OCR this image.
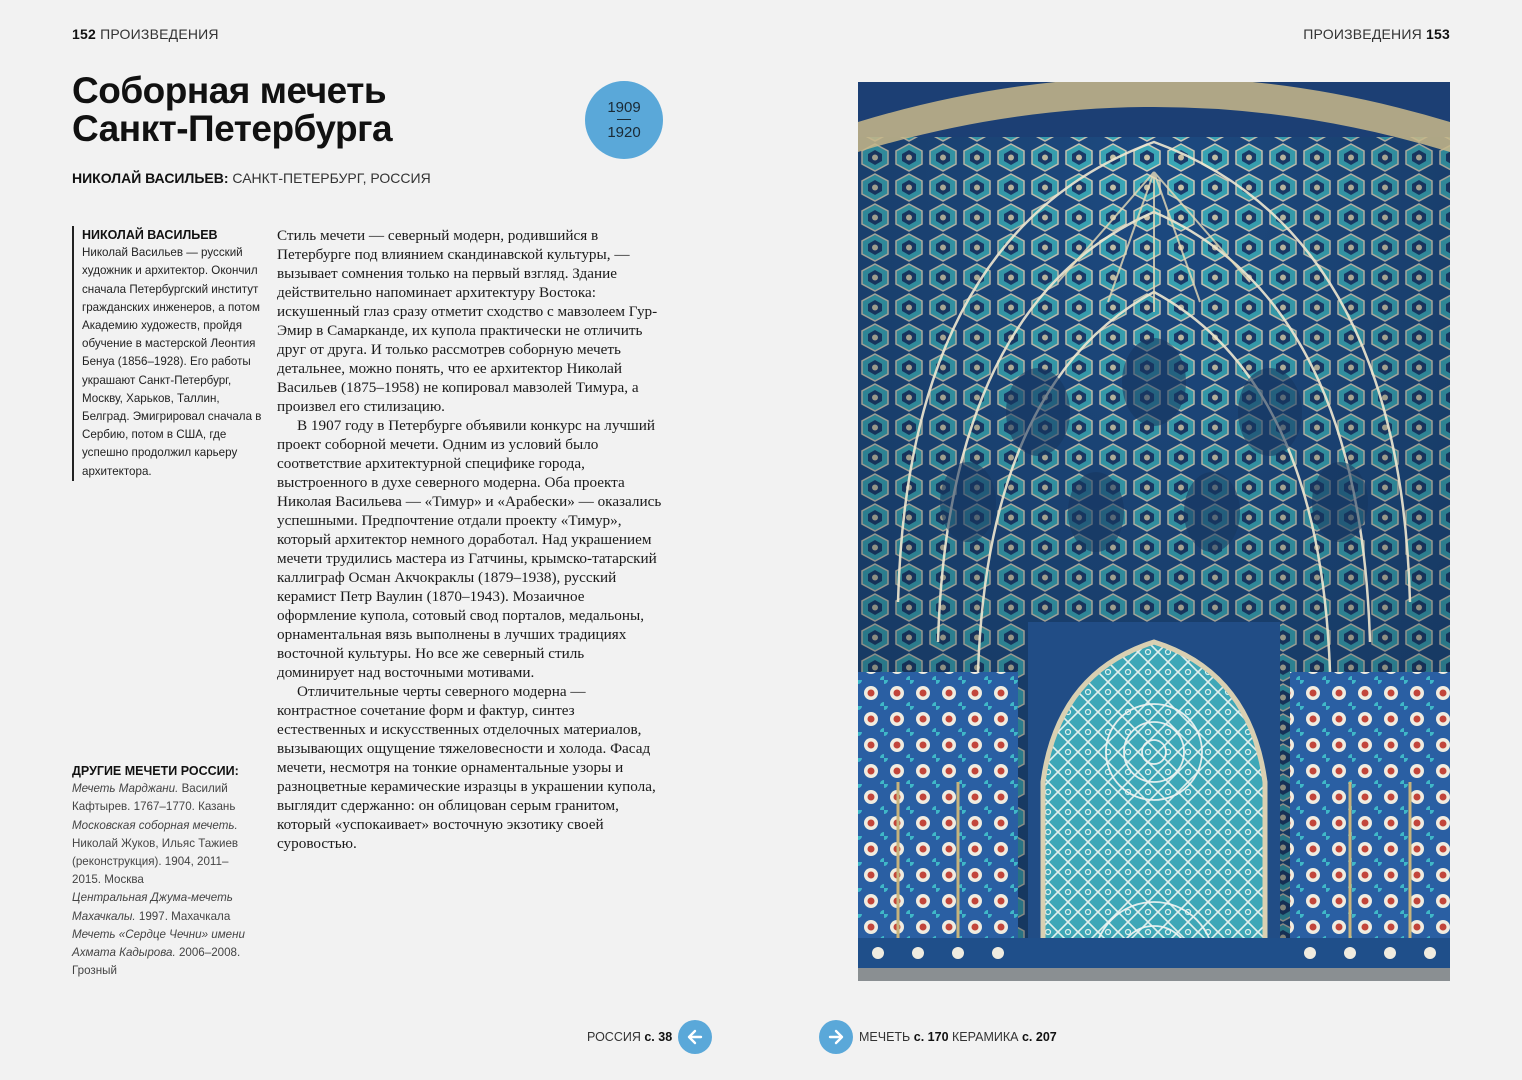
152 ПРОИЗВЕДЕНИЯ	ПРОИЗВЕДЕНИЯ 153
Соборная мечеть
Санкт-Петербурга
1909
1920
НИКОЛАЙ ВАСИЛЬЕВ: САНКТ-ПЕТЕРБУРГ, РОССИЯ
НИКОЛАЙ ВАСИЛЬЕВ
Николай Васильев — русский художник и архитектор. Окончил сначала Петербургский институт гражданских инженеров, а потом Академию художеств, пройдя обучение в мастерской Леонтия Бенуа (1856–1928). Его работы украшают Санкт-Петербург, Москву, Харьков, Таллин, Белград. Эмигрировал сначала в Сербию, потом в США, где успешно продолжил карьеру архитектора.
ДРУГИЕ МЕЧЕТИ РОССИИ:
Мечеть Марджани. Василий Кафтырев. 1767–1770. Казань
Московская соборная мечеть. Николай Жуков, Ильяс Тажиев (реконструкция). 1904, 2011–2015. Москва
Центральная Джума-мечеть Махачкалы. 1997. Махачкала
Мечеть «Сердце Чечни» имени Ахмата Кадырова. 2006–2008. Грозный

Стиль мечети — северный модерн, родившийся в Петербурге под влиянием скандинавской культуры, — вызывает сомнения только на первый взгляд. Здание действительно напоминает архитектуру Востока: искушенный глаз сразу отметит сходство с мавзолеем Гур-Эмир в Самарканде, их купола практически не отличить друг от друга. И только рассмотрев соборную мечеть детальнее, можно понять, что ее архитектор Николай Васильев (1875–1958) не копировал мавзолей Тимура, а произвел его стилизацию.

В 1907 году в Петербурге объявили конкурс на лучший проект соборной мечети. Одним из условий было соответствие архитектурной специфике города, выстроенного в духе северного модерна. Оба проекта Николая Васильева — «Тимур» и «Арабески» — оказались успешными. Предпочтение отдали проекту «Тимур», который архитектор немного доработал. Над украшением мечети трудились мастера из Гатчины, крымско-татарский каллиграф Осман Акчокраклы (1879–1938), русский керамист Петр Ваулин (1870–1943). Мозаичное оформление купола, сотовый свод порталов, медальоны, орнаментальная вязь выполнены в лучших традициях восточной культуры. Но все же северный стиль доминирует над восточными мотивами.

Отличительные черты северного модерна — контрастное сочетание форм и фактур, синтез естественных и искусственных отделочных материалов, вызывающих ощущение тяжеловесности и холода. Фасад мечети, несмотря на тонкие орнаментальные узоры и разноцветные керамические изразцы в украшении купола, выглядит сдержанно: он облицован серым гранитом, который «успокаивает» восточную экзотику своей суровостью.

РОССИЯ
с.
38	МЕЧЕТЬ
с.
170
КЕРАМИКА
с.
207
